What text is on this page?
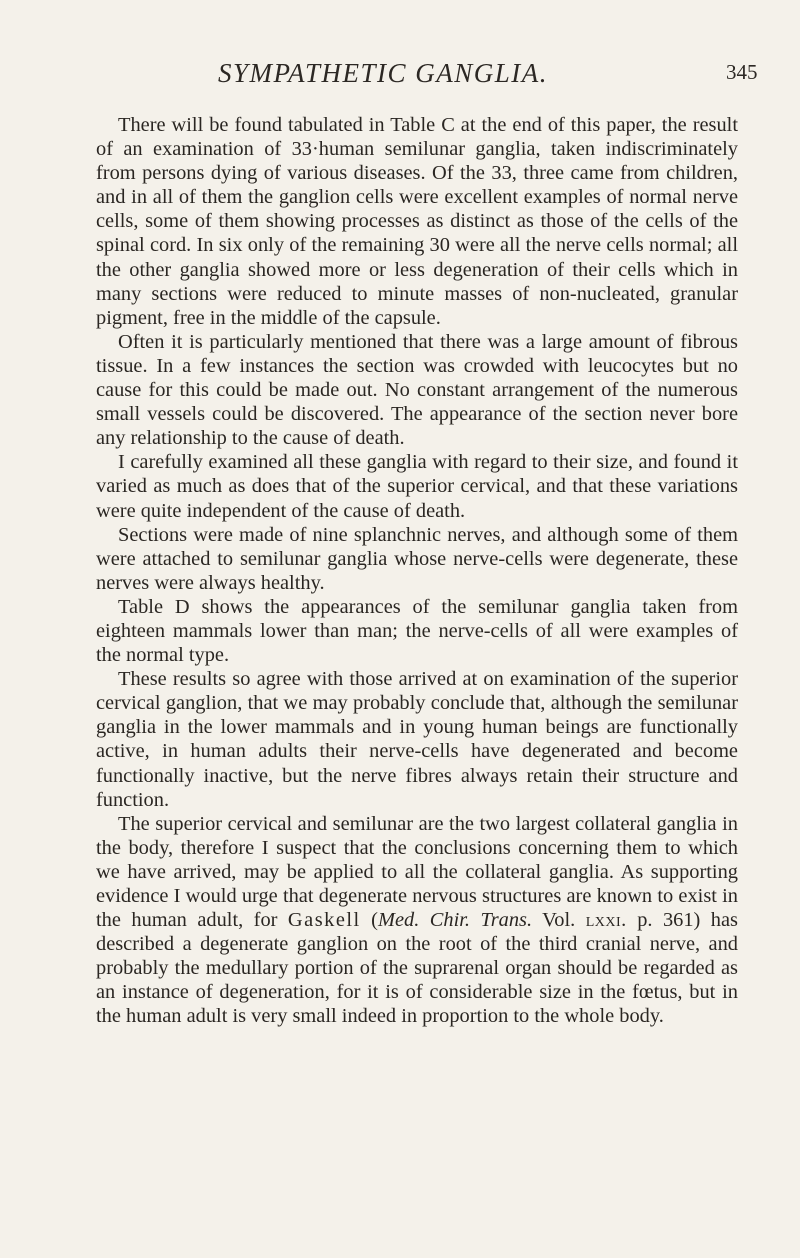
SYMPATHETIC GANGLIA.	345

There will be found tabulated in Table C at the end of this paper, the result of an examination of 33·human semilunar ganglia, taken indiscriminately from persons dying of various diseases. Of the 33, three came from children, and in all of them the ganglion cells were excellent examples of normal nerve cells, some of them showing processes as distinct as those of the cells of the spinal cord. In six only of the remaining 30 were all the nerve cells normal; all the other ganglia showed more or less degeneration of their cells which in many sections were reduced to minute masses of non-nucleated, granular pigment, free in the middle of the capsule.

Often it is particularly mentioned that there was a large amount of fibrous tissue. In a few instances the section was crowded with leucocytes but no cause for this could be made out. No constant arrangement of the numerous small vessels could be discovered. The appearance of the section never bore any relationship to the cause of death.

I carefully examined all these ganglia with regard to their size, and found it varied as much as does that of the superior cervical, and that these variations were quite independent of the cause of death.

Sections were made of nine splanchnic nerves, and although some of them were attached to semilunar ganglia whose nerve-cells were degenerate, these nerves were always healthy.

Table D shows the appearances of the semilunar ganglia taken from eighteen mammals lower than man; the nerve-cells of all were examples of the normal type.

These results so agree with those arrived at on examination of the superior cervical ganglion, that we may probably conclude that, although the semilunar ganglia in the lower mammals and in young human beings are functionally active, in human adults their nerve-cells have degenerated and become functionally inactive, but the nerve fibres always retain their structure and function.

The superior cervical and semilunar are the two largest collateral ganglia in the body, therefore I suspect that the conclusions concerning them to which we have arrived, may be applied to all the collateral ganglia. As supporting evidence I would urge that degenerate nervous structures are known to exist in the human adult, for Gaskell (Med. Chir. Trans. Vol. lxxi. p. 361) has described a degenerate ganglion on the root of the third cranial nerve, and probably the medullary portion of the suprarenal organ should be regarded as an instance of degeneration, for it is of considerable size in the fœtus, but in the human adult is very small indeed in proportion to the whole body.
